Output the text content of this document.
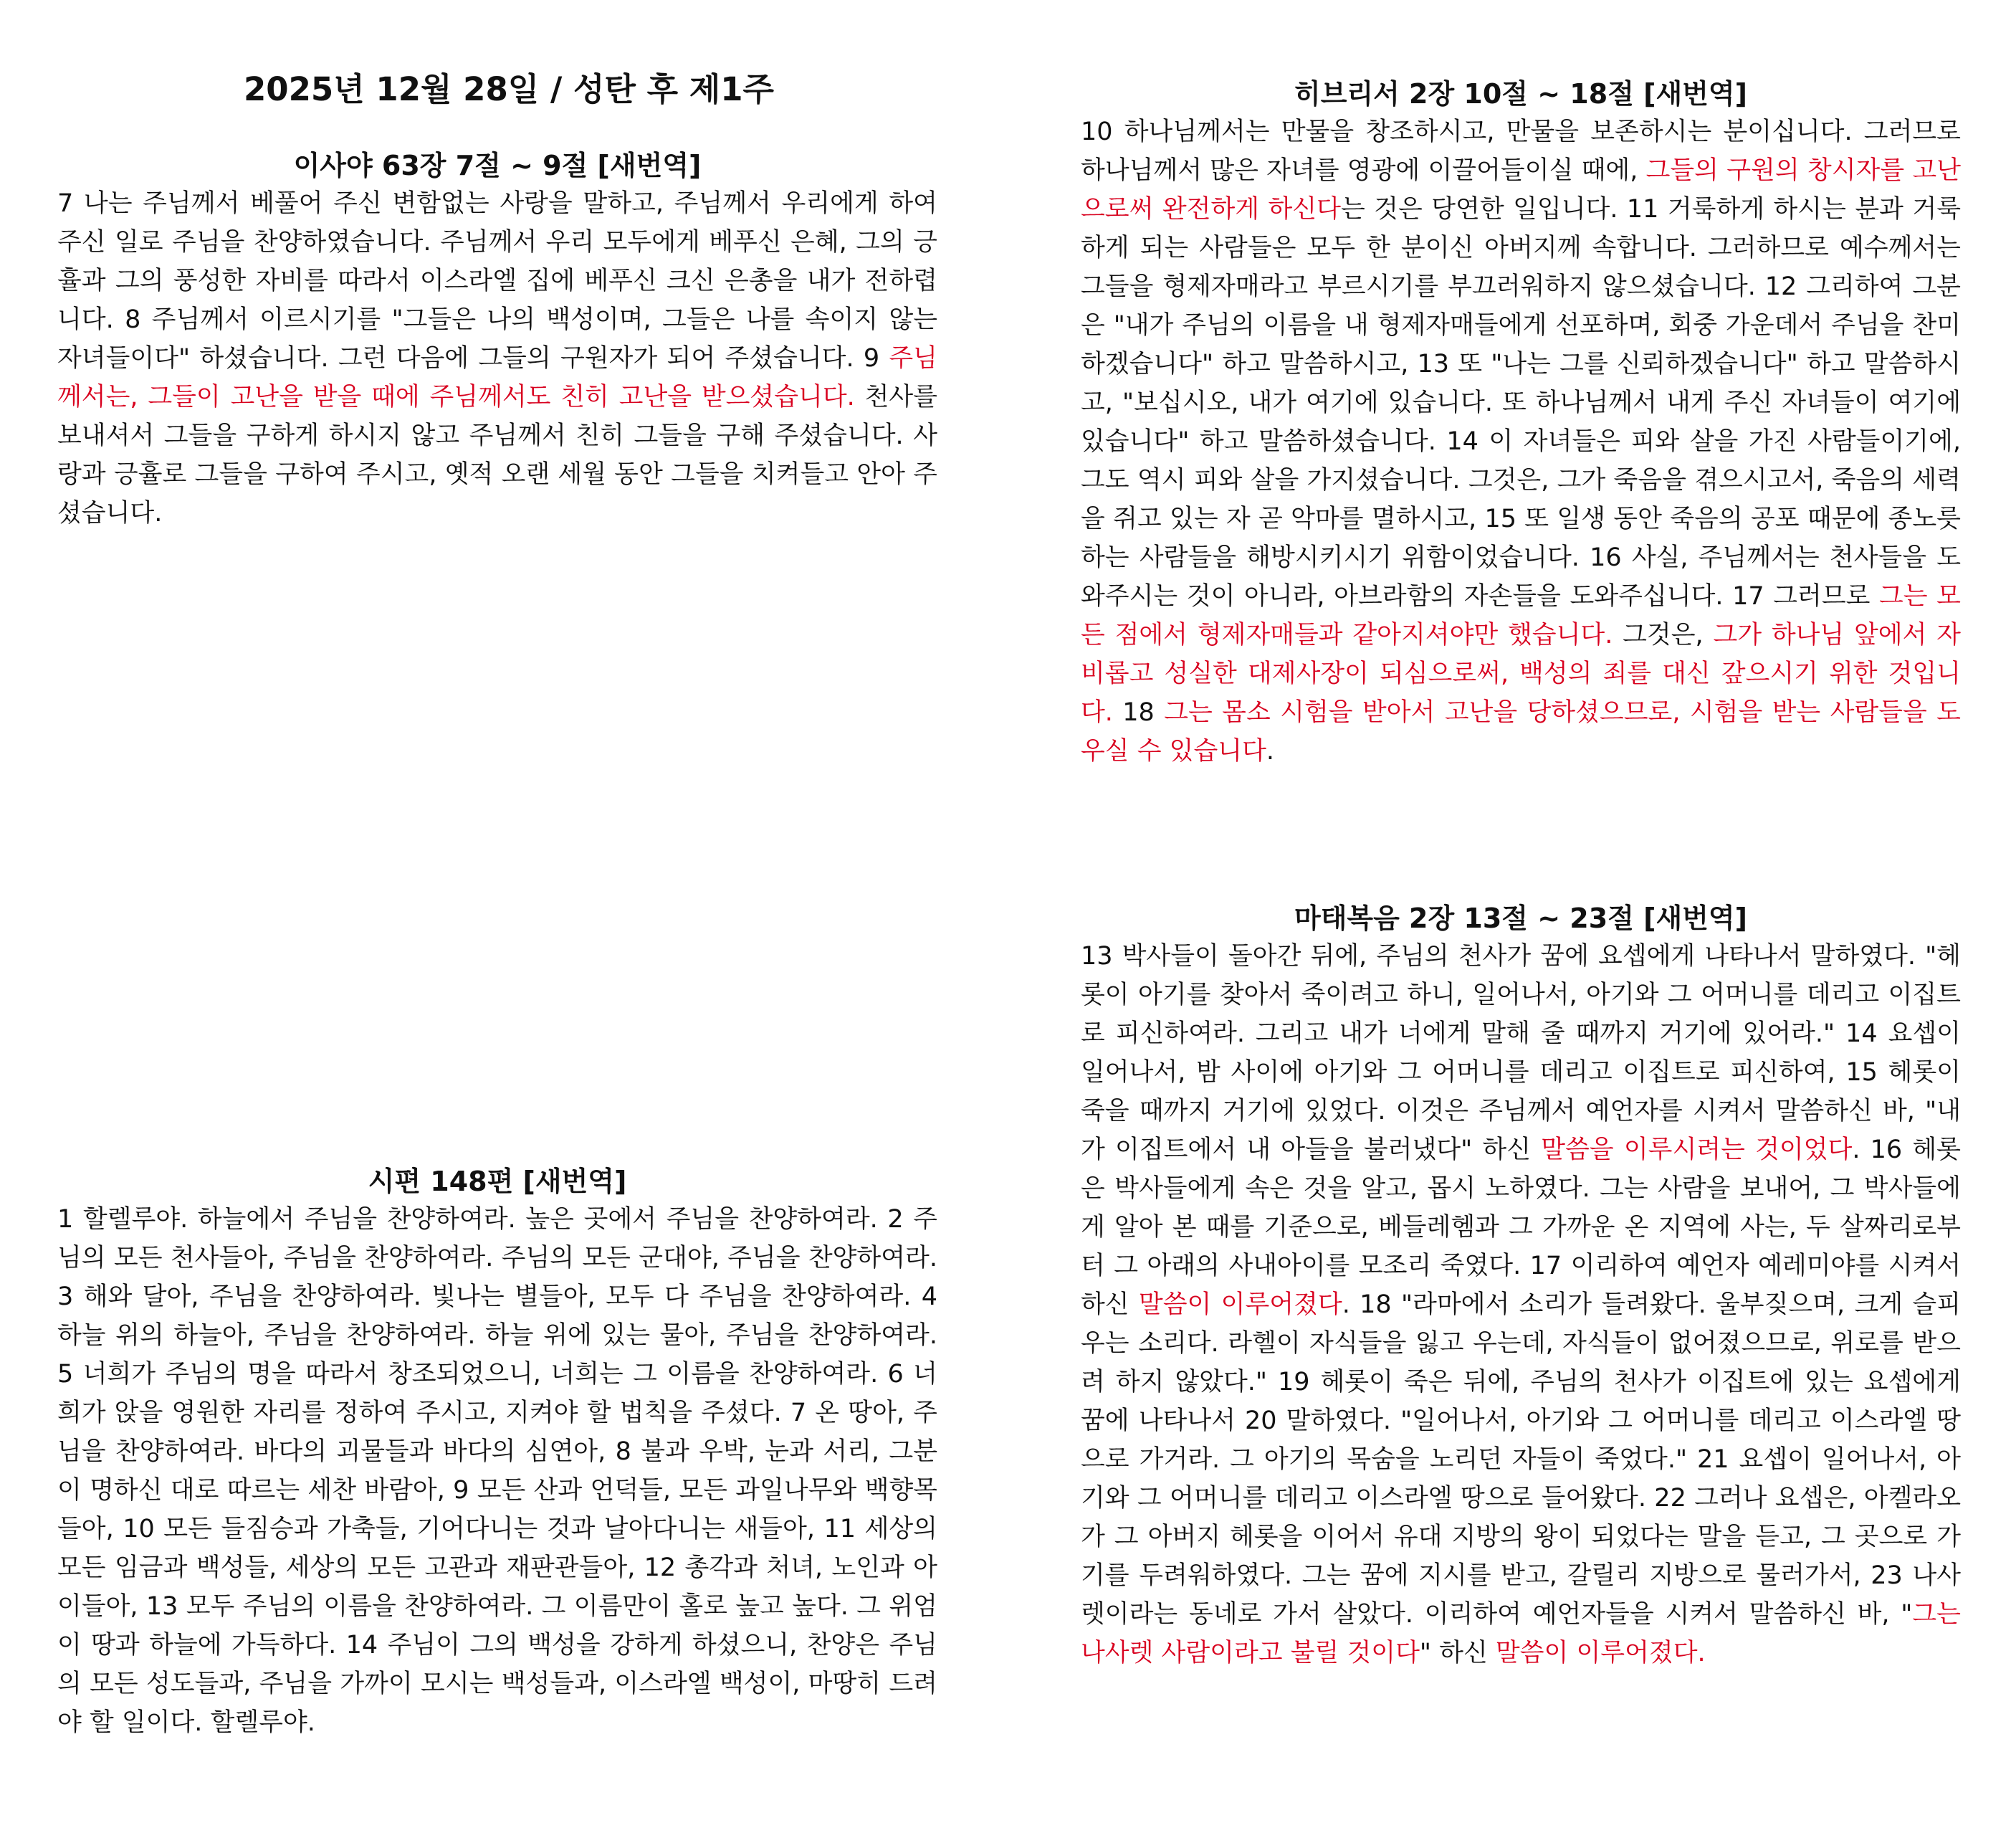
2025년 12월 28일 / 성탄 후 제1주
이사야 63장 7절 ~ 9절 [새번역]

7 나는 주님께서 베풀어 주신 변함없는 사랑을 말하고, 주님께서 우리에게 하여 주신 일로 주님을 찬양하였습니다. 주님께서 우리 모두에게 베푸신 은혜, 그의 긍휼과 그의 풍성한 자비를 따라서 이스라엘 집에 베푸신 크신 은총을 내가 전하렵니다. 8 주님께서 이르시기를 "그들은 나의 백성이며, 그들은 나를 속이지 않는 자녀들이다" 하셨습니다. 그런 다음에 그들의 구원자가 되어 주셨습니다. 9 주님께서는, 그들이 고난을 받을 때에 주님께서도 친히 고난을 받으셨습니다. 천사를 보내셔서 그들을 구하게 하시지 않고 주님께서 친히 그들을 구해 주셨습니다. 사랑과 긍휼로 그들을 구하여 주시고, 옛적 오랜 세월 동안 그들을 치켜들고 안아 주셨습니다.

시편 148편 [새번역]

1 할렐루야. 하늘에서 주님을 찬양하여라. 높은 곳에서 주님을 찬양하여라. 2 주님의 모든 천사들아, 주님을 찬양하여라. 주님의 모든 군대야, 주님을 찬양하여라. 3 해와 달아, 주님을 찬양하여라. 빛나는 별들아, 모두 다 주님을 찬양하여라. 4 하늘 위의 하늘아, 주님을 찬양하여라. 하늘 위에 있는 물아, 주님을 찬양하여라. 5 너희가 주님의 명을 따라서 창조되었으니, 너희는 그 이름을 찬양하여라. 6 너희가 앉을 영원한 자리를 정하여 주시고, 지켜야 할 법칙을 주셨다. 7 온 땅아, 주님을 찬양하여라. 바다의 괴물들과 바다의 심연아, 8 불과 우박, 눈과 서리, 그분이 명하신 대로 따르는 세찬 바람아, 9 모든 산과 언덕들, 모든 과일나무와 백향목들아, 10 모든 들짐승과 가축들, 기어다니는 것과 날아다니는 새들아, 11 세상의 모든 임금과 백성들, 세상의 모든 고관과 재판관들아, 12 총각과 처녀, 노인과 아이들아, 13 모두 주님의 이름을 찬양하여라. 그 이름만이 홀로 높고 높다. 그 위엄이 땅과 하늘에 가득하다. 14 주님이 그의 백성을 강하게 하셨으니, 찬양은 주님의 모든 성도들과, 주님을 가까이 모시는 백성들과, 이스라엘 백성이, 마땅히 드려야 할 일이다. 할렐루야.

히브리서 2장 10절 ~ 18절 [새번역]

10 하나님께서는 만물을 창조하시고, 만물을 보존하시는 분이십니다. 그러므로 하나님께서 많은 자녀를 영광에 이끌어들이실 때에, 그들의 구원의 창시자를 고난으로써 완전하게 하신다는 것은 당연한 일입니다. 11 거룩하게 하시는 분과 거룩하게 되는 사람들은 모두 한 분이신 아버지께 속합니다. 그러하므로 예수께서는 그들을 형제자매라고 부르시기를 부끄러워하지 않으셨습니다. 12 그리하여 그분은 "내가 주님의 이름을 내 형제자매들에게 선포하며, 회중 가운데서 주님을 찬미하겠습니다" 하고 말씀하시고, 13 또 "나는 그를 신뢰하겠습니다" 하고 말씀하시고, "보십시오, 내가 여기에 있습니다. 또 하나님께서 내게 주신 자녀들이 여기에 있습니다" 하고 말씀하셨습니다. 14 이 자녀들은 피와 살을 가진 사람들이기에, 그도 역시 피와 살을 가지셨습니다. 그것은, 그가 죽음을 겪으시고서, 죽음의 세력을 쥐고 있는 자 곧 악마를 멸하시고, 15 또 일생 동안 죽음의 공포 때문에 종노릇하는 사람들을 해방시키시기 위함이었습니다. 16 사실, 주님께서는 천사들을 도와주시는 것이 아니라, 아브라함의 자손들을 도와주십니다. 17 그러므로 그는 모든 점에서 형제자매들과 같아지셔야만 했습니다. 그것은, 그가 하나님 앞에서 자비롭고 성실한 대제사장이 되심으로써, 백성의 죄를 대신 갚으시기 위한 것입니다. 18 그는 몸소 시험을 받아서 고난을 당하셨으므로, 시험을 받는 사람들을 도우실 수 있습니다.

마태복음 2장 13절 ~ 23절 [새번역]

13 박사들이 돌아간 뒤에, 주님의 천사가 꿈에 요셉에게 나타나서 말하였다. "헤롯이 아기를 찾아서 죽이려고 하니, 일어나서, 아기와 그 어머니를 데리고 이집트로 피신하여라. 그리고 내가 너에게 말해 줄 때까지 거기에 있어라." 14 요셉이 일어나서, 밤 사이에 아기와 그 어머니를 데리고 이집트로 피신하여, 15 헤롯이 죽을 때까지 거기에 있었다. 이것은 주님께서 예언자를 시켜서 말씀하신 바, "내가 이집트에서 내 아들을 불러냈다" 하신 말씀을 이루시려는 것이었다. 16 헤롯은 박사들에게 속은 것을 알고, 몹시 노하였다. 그는 사람을 보내어, 그 박사들에게 알아 본 때를 기준으로, 베들레헴과 그 가까운 온 지역에 사는, 두 살짜리로부터 그 아래의 사내아이를 모조리 죽였다. 17 이리하여 예언자 예레미야를 시켜서 하신 말씀이 이루어졌다. 18 "라마에서 소리가 들려왔다. 울부짖으며, 크게 슬피 우는 소리다. 라헬이 자식들을 잃고 우는데, 자식들이 없어졌으므로, 위로를 받으려 하지 않았다." 19 헤롯이 죽은 뒤에, 주님의 천사가 이집트에 있는 요셉에게 꿈에 나타나서 20 말하였다. "일어나서, 아기와 그 어머니를 데리고 이스라엘 땅으로 가거라. 그 아기의 목숨을 노리던 자들이 죽었다." 21 요셉이 일어나서, 아기와 그 어머니를 데리고 이스라엘 땅으로 들어왔다. 22 그러나 요셉은, 아켈라오가 그 아버지 헤롯을 이어서 유대 지방의 왕이 되었다는 말을 듣고, 그 곳으로 가기를 두려워하였다. 그는 꿈에 지시를 받고, 갈릴리 지방으로 물러가서, 23 나사렛이라는 동네로 가서 살았다. 이리하여 예언자들을 시켜서 말씀하신 바, "그는 나사렛 사람이라고 불릴 것이다" 하신 말씀이 이루어졌다.
